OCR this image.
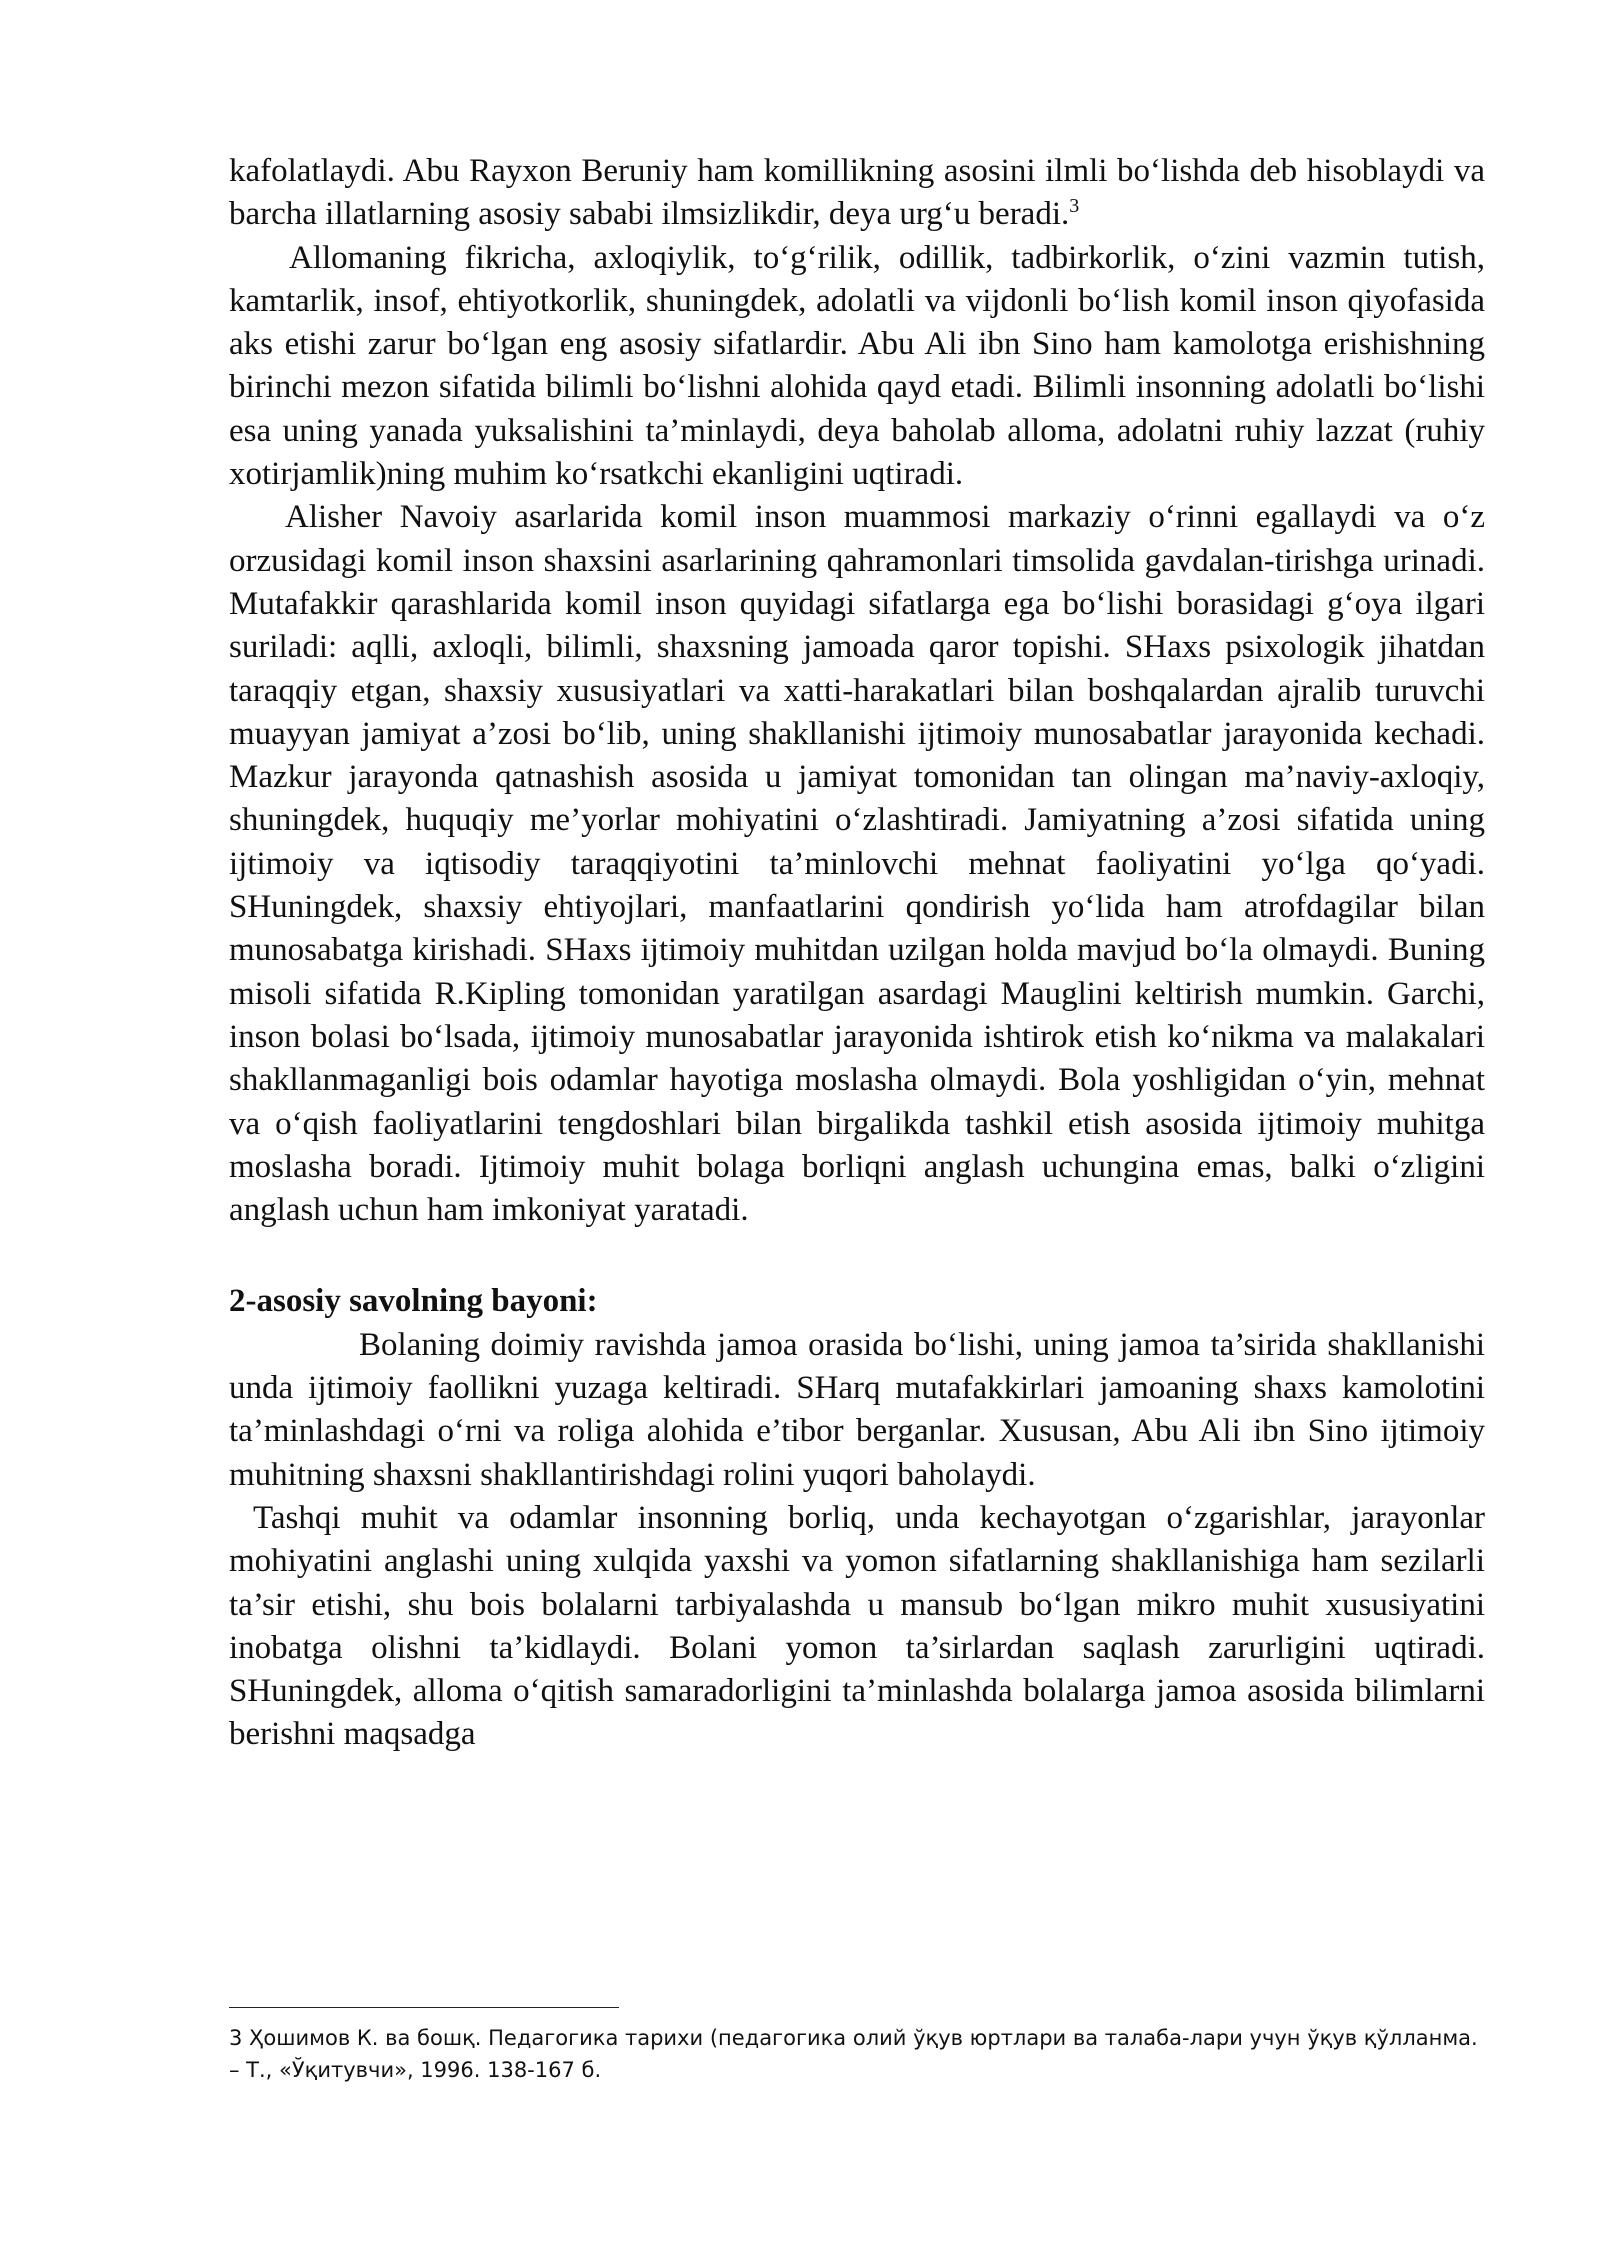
kafolatlaydi. Abu Rayxon Beruniy ham komillikning asosini ilmli bo‘lishda deb hisoblaydi va barcha illatlarning asosiy sababi ilmsizlikdir, deya urg‘u beradi.$^3$

Allomaning fikricha, axloqiylik, to‘g‘rilik, odillik, tadbirkorlik, o‘zini vazmin tutish, kamtarlik, insof, ehtiyotkorlik, shuningdek, adolatli va vijdonli bo‘lish komil inson qiyofasida aks etishi zarur bo‘lgan eng asosiy sifatlardir. Abu Ali ibn Sino ham kamolotga erishishning birinchi mezon sifatida bilimli bo‘lishni alohida qayd etadi. Bilimli insonning adolatli bo‘lishi esa uning yanada yuksalishini ta’minlaydi, deya baholab alloma, adolatni ruhiy lazzat (ruhiy xotirjamlik)ning muhim ko‘rsatkchi ekanligini uqtiradi.

Alisher Navoiy asarlarida komil inson muammosi markaziy o‘rinni egallaydi va o‘z orzusidagi komil inson shaxsini asarlarining qahramonlari timsolida gavdalan-tirishga urinadi. Mutafakkir qarashlarida komil inson quyidagi sifatlarga ega bo‘lishi borasidagi g‘oya ilgari suriladi: aqlli, axloqli, bilimli, shaxsning jamoada qaror topishi. SHaxs psixologik jihatdan taraqqiy etgan, shaxsiy xususiyatlari va xatti-harakatlari bilan boshqalardan ajralib turuvchi muayyan jamiyat a’zosi bo‘lib, uning shakllanishi ijtimoiy munosabatlar jarayonida kechadi. Mazkur jarayonda qatnashish asosida u jamiyat tomonidan tan olingan ma’naviy-axloqiy, shuningdek, huquqiy me’yorlar mohiyatini o‘zlashtiradi. Jamiyatning a’zosi sifatida uning ijtimoiy va iqtisodiy taraqqiyotini ta’minlovchi mehnat faoliyatini yo‘lga qo‘yadi. SHuningdek, shaxsiy ehtiyojlari, manfaatlarini qondirish yo‘lida ham atrofdagilar bilan munosabatga kirishadi. SHaxs ijtimoiy muhitdan uzilgan holda mavjud bo‘la olmaydi. Buning misoli sifatida R.Kipling tomonidan yaratilgan asardagi Mauglini keltirish mumkin. Garchi, inson bolasi bo‘lsada, ijtimoiy munosabatlar jarayonida ishtirok etish ko‘nikma va malakalari shakllanmaganligi bois odamlar hayotiga moslasha olmaydi. Bola yoshligidan o‘yin, mehnat va o‘qish faoliyatlarini tengdoshlari bilan birgalikda tashkil etish asosida ijtimoiy muhitga moslasha boradi. Ijtimoiy muhit bolaga borliqni anglash uchungina emas, balki o‘zligini anglash uchun ham imkoniyat yaratadi.

2-asosiy savolning bayoni:

Bolaning doimiy ravishda jamoa orasida bo‘lishi, uning jamoa ta’sirida shakllanishi unda ijtimoiy faollikni yuzaga keltiradi. SHarq mutafakkirlari jamoaning shaxs kamolotini ta’minlashdagi o‘rni va roliga alohida e’tibor berganlar. Xususan, Abu Ali ibn Sino ijtimoiy muhitning shaxsni shakllantirishdagi rolini yuqori baholaydi.

Tashqi muhit va odamlar insonning borliq, unda kechayotgan o‘zgarishlar, jarayonlar mohiyatini anglashi uning xulqida yaxshi va yomon sifatlarning shakllanishiga ham sezilarli ta’sir etishi, shu bois bolalarni tarbiyalashda u mansub bo‘lgan mikro muhit xususiyatini inobatga olishni ta’kidlaydi. Bolani yomon ta’sirlardan saqlash zarurligini uqtiradi. SHuningdek, alloma o‘qitish samaradorligini ta’minlashda bolalarga jamoa asosida bilimlarni berishni maqsadga

3 Ҳошимов К. ва бошқ. Педагогика тарихи (педагогика олий ўқув юртлари ва талаба-лари учун ўқув қўлланма. – Т., «Ўқитувчи», 1996. 138-167 б.
